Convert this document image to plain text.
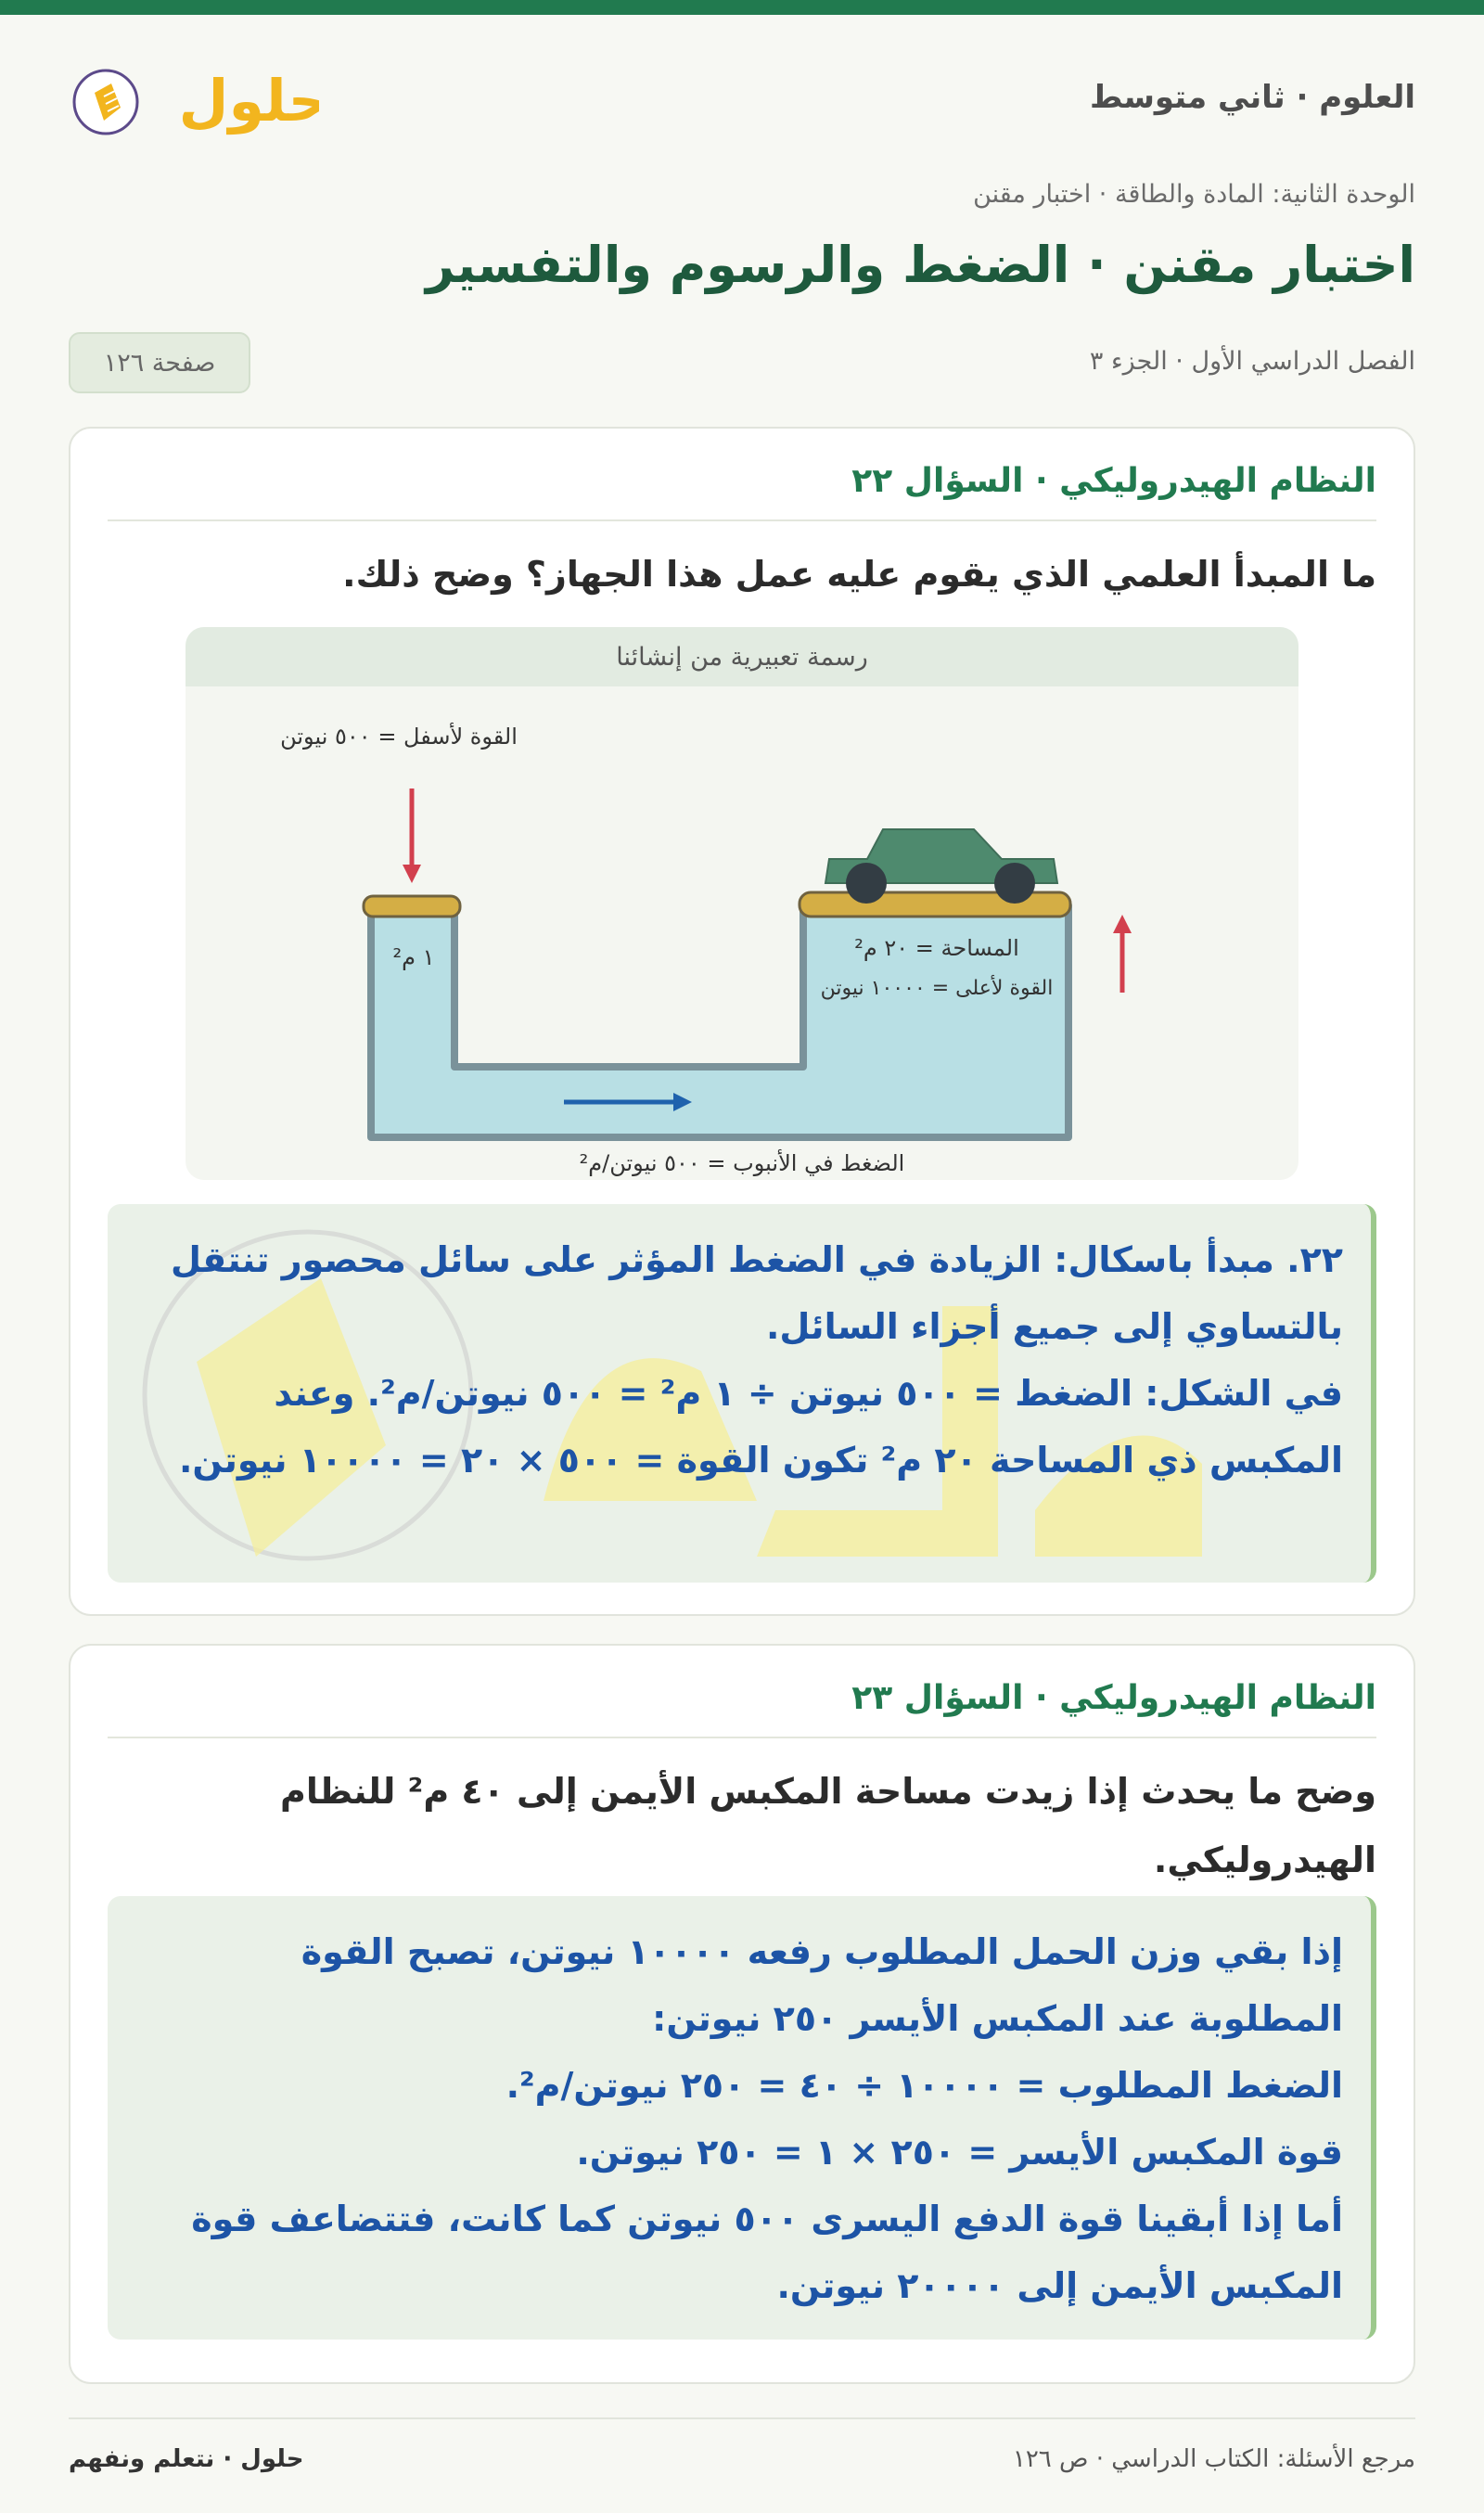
العلوم · ثاني متوسط
حلول
الوحدة الثانية: المادة والطاقة · اختبار مقنن
اختبار مقنن · الضغط والرسوم والتفسير
الفصل الدراسي الأول · الجزء ٣
صفحة ١٢٦
النظام الهيدروليكي · السؤال ٢٢
ما المبدأ العلمي الذي يقوم عليه عمل هذا الجهاز؟ وضح ذلك.
رسمة تعبيرية من إنشائنا
القوة لأسفل = ٥٠٠ نيوتن
١ م²	المساحة = ٢٠ م²
القوة لأعلى = ١٠٠٠٠ نيوتن
الضغط في الأنبوب = ٥٠٠ نيوتن/م²

٢٢. مبدأ باسكال: الزيادة في الضغط المؤثر على سائل محصور تنتقل بالتساوي إلى جميع أجزاء السائل.

في الشكل: الضغط = ٥٠٠ نيوتن ÷ ١ م² = ٥٠٠ نيوتن/م². وعند المكبس ذي المساحة ٢٠ م² تكون القوة = ٥٠٠ × ٢٠ = ١٠٠٠٠ نيوتن.

النظام الهيدروليكي · السؤال ٢٣
وضح ما يحدث إذا زيدت مساحة المكبس الأيمن إلى ٤٠ م² للنظام الهيدروليكي.

إذا بقي وزن الحمل المطلوب رفعه ١٠٠٠٠ نيوتن، تصبح القوة المطلوبة عند المكبس الأيسر ٢٥٠ نيوتن:

الضغط المطلوب = ١٠٠٠٠ ÷ ٤٠ = ٢٥٠ نيوتن/م².

قوة المكبس الأيسر = ٢٥٠ × ١ = ٢٥٠ نيوتن.

أما إذا أبقينا قوة الدفع اليسرى ٥٠٠ نيوتن كما كانت، فتتضاعف قوة المكبس الأيمن إلى ٢٠٠٠٠ نيوتن.

مرجع الأسئلة: الكتاب الدراسي · ص ١٢٦
حلول · نتعلم ونفهم
